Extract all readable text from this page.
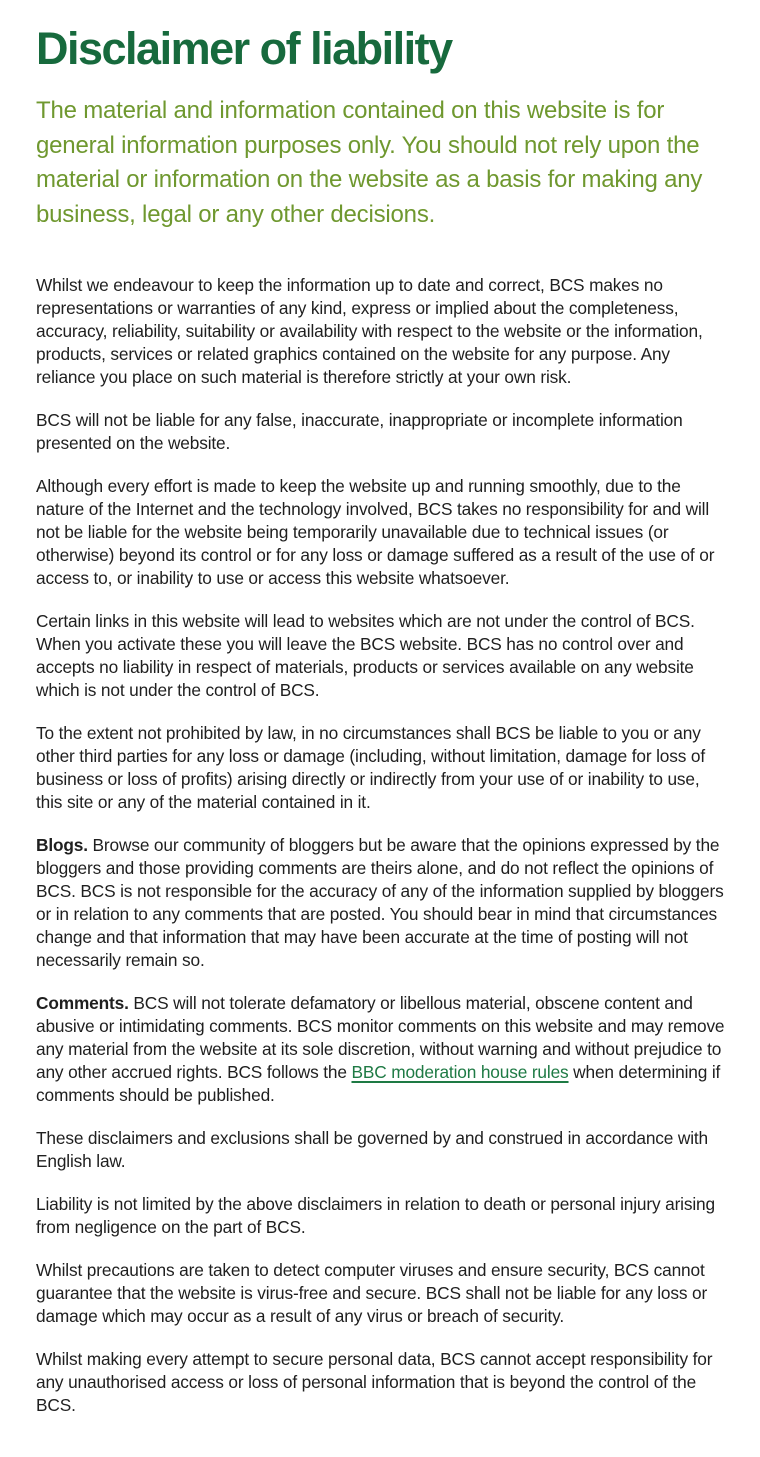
Disclaimer of liability

The material and information contained on this website is for general information purposes only. You should not rely upon the material or information on the website as a basis for making any business, legal or any other decisions.

Whilst we endeavour to keep the information up to date and correct, BCS makes no representations or warranties of any kind, express or implied about the completeness, accuracy, reliability, suitability or availability with respect to the website or the information, products, services or related graphics contained on the website for any purpose. Any reliance you place on such material is therefore strictly at your own risk.

BCS will not be liable for any false, inaccurate, inappropriate or incomplete information presented on the website.

Although every effort is made to keep the website up and running smoothly, due to the nature of the Internet and the technology involved, BCS takes no responsibility for and will not be liable for the website being temporarily unavailable due to technical issues (or otherwise) beyond its control or for any loss or damage suffered as a result of the use of or access to, or inability to use or access this website whatsoever.

Certain links in this website will lead to websites which are not under the control of BCS. When you activate these you will leave the BCS website. BCS has no control over and accepts no liability in respect of materials, products or services available on any website which is not under the control of BCS.

To the extent not prohibited by law, in no circumstances shall BCS be liable to you or any other third parties for any loss or damage (including, without limitation, damage for loss of business or loss of profits) arising directly or indirectly from your use of or inability to use, this site or any of the material contained in it.

Blogs. Browse our community of bloggers but be aware that the opinions expressed by the bloggers and those providing comments are theirs alone, and do not reflect the opinions of BCS. BCS is not responsible for the accuracy of any of the information supplied by bloggers or in relation to any comments that are posted. You should bear in mind that circumstances change and that information that may have been accurate at the time of posting will not necessarily remain so.

Comments. BCS will not tolerate defamatory or libellous material, obscene content and abusive or intimidating comments. BCS monitor comments on this website and may remove any material from the website at its sole discretion, without warning and without prejudice to any other accrued rights. BCS follows the BBC moderation house rules when determining if comments should be published.

These disclaimers and exclusions shall be governed by and construed in accordance with English law.

Liability is not limited by the above disclaimers in relation to death or personal injury arising from negligence on the part of BCS.

Whilst precautions are taken to detect computer viruses and ensure security, BCS cannot guarantee that the website is virus-free and secure. BCS shall not be liable for any loss or damage which may occur as a result of any virus or breach of security.

Whilst making every attempt to secure personal data, BCS cannot accept responsibility for any unauthorised access or loss of personal information that is beyond the control of the BCS.
